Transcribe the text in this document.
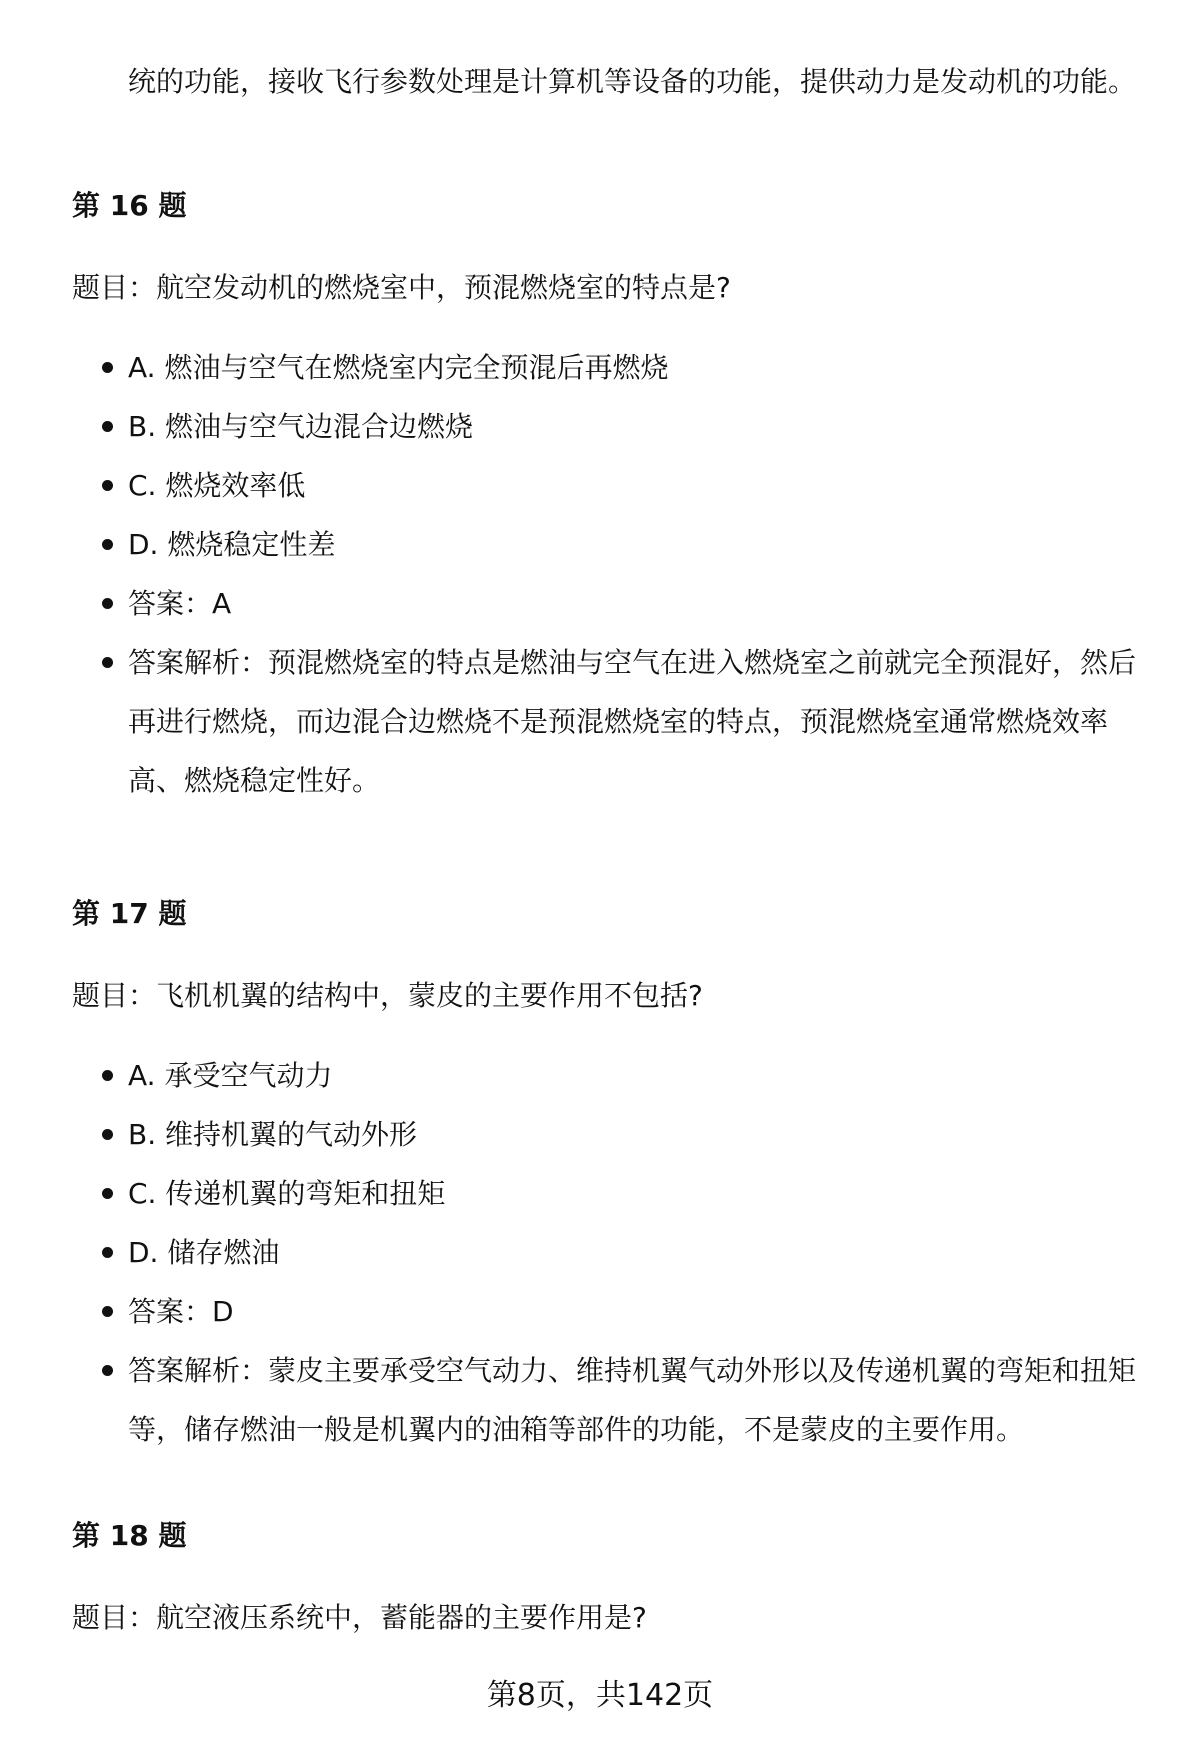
统的功能，接收飞行参数处理是计算机等设备的功能，提供动力是发动机的功能。
第 16 题
题目：航空发动机的燃烧室中，预混燃烧室的特点是?
A. 燃油与空气在燃烧室内完全预混后再燃烧
B. 燃油与空气边混合边燃烧
C. 燃烧效率低
D. 燃烧稳定性差
答案：A
答案解析：预混燃烧室的特点是燃油与空气在进入燃烧室之前就完全预混好，然后再进行燃烧，而边混合边燃烧不是预混燃烧室的特点，预混燃烧室通常燃烧效率高、燃烧稳定性好。
第 17 题
题目：飞机机翼的结构中，蒙皮的主要作用不包括?
A. 承受空气动力
B. 维持机翼的气动外形
C. 传递机翼的弯矩和扭矩
D. 储存燃油
答案：D
答案解析：蒙皮主要承受空气动力、维持机翼气动外形以及传递机翼的弯矩和扭矩等，储存燃油一般是机翼内的油箱等部件的功能，不是蒙皮的主要作用。
第 18 题
题目：航空液压系统中，蓄能器的主要作用是?
第8页，共142页
